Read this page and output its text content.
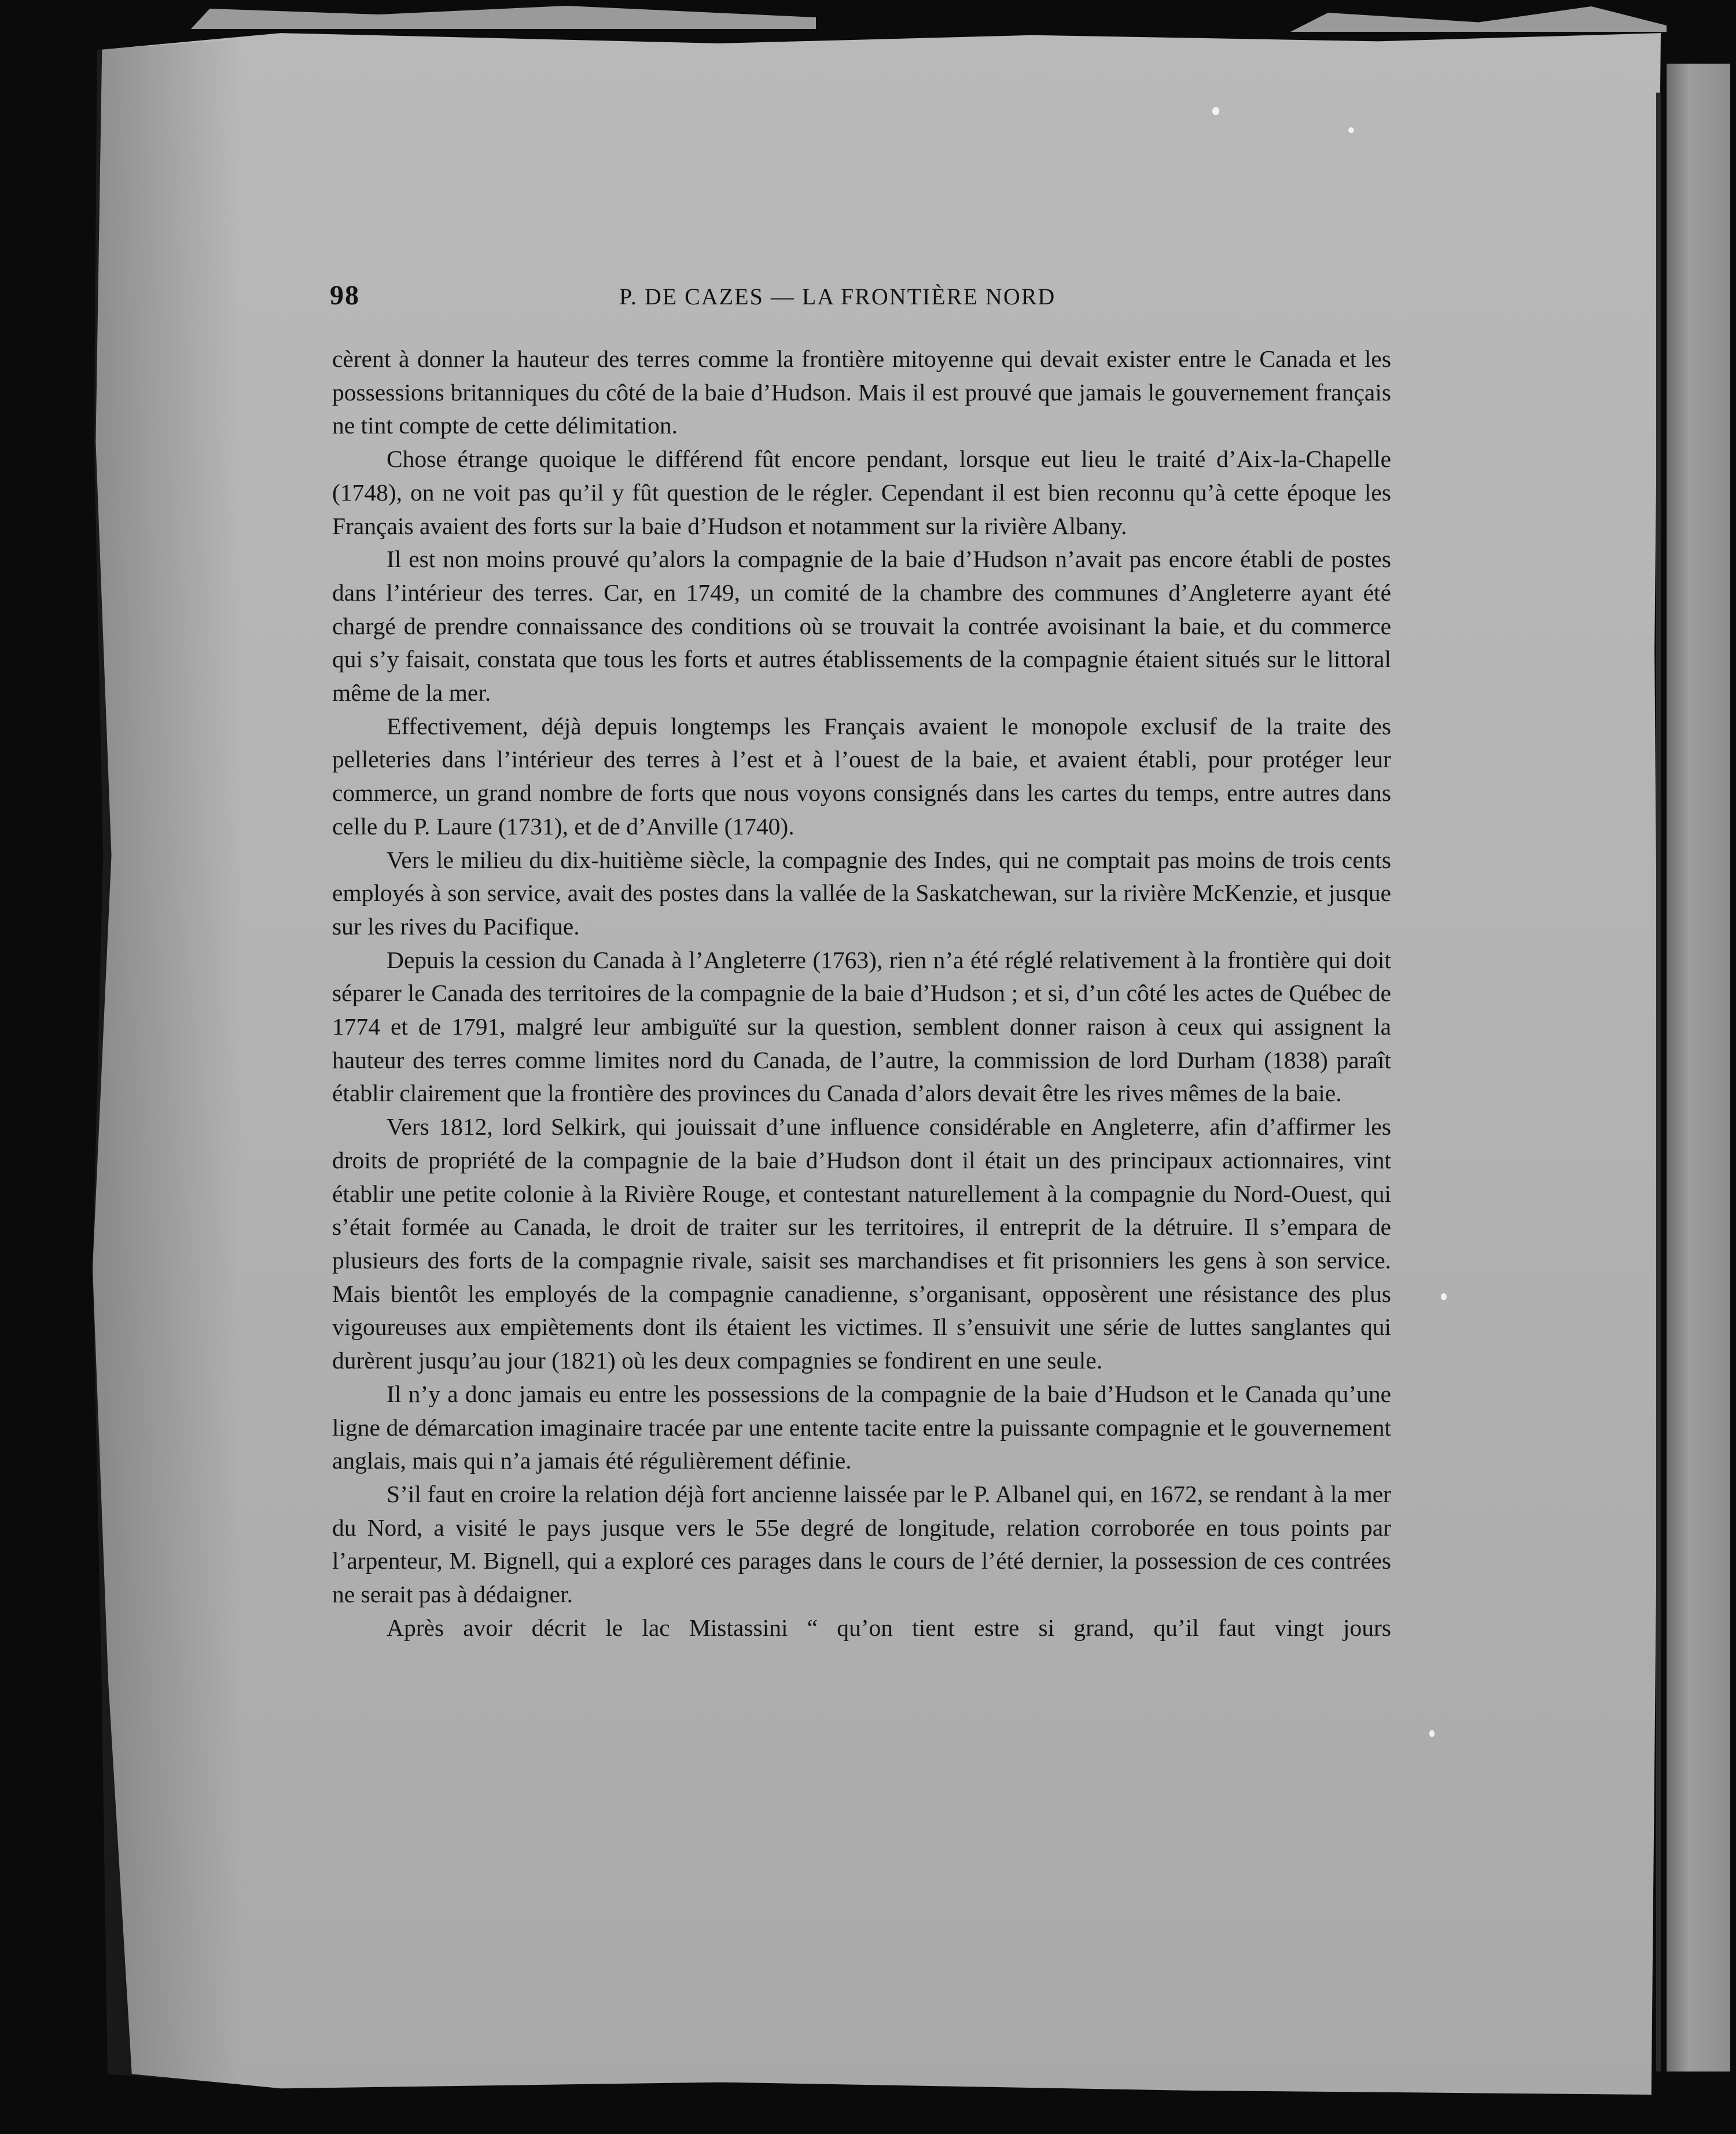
98	P. DE CAZES — LA FRONTIÈRE NORD

cèrent à donner la hauteur des terres comme la frontière mitoyenne qui devait exister entre le Canada et les possessions britanniques du côté de la baie d’Hudson. Mais il est prouvé que jamais le gouvernement français ne tint compte de cette délimitation.

Chose étrange quoique le différend fût encore pendant, lorsque eut lieu le traité d’Aix-la-Chapelle (1748), on ne voit pas qu’il y fût question de le régler. Cependant il est bien reconnu qu’à cette époque les Français avaient des forts sur la baie d’Hudson et notamment sur la rivière Albany.

Il est non moins prouvé qu’alors la compagnie de la baie d’Hudson n’avait pas encore établi de postes dans l’intérieur des terres. Car, en 1749, un comité de la chambre des communes d’Angleterre ayant été chargé de prendre connaissance des conditions où se trouvait la contrée avoisinant la baie, et du commerce qui s’y faisait, constata que tous les forts et autres établissements de la compagnie étaient situés sur le littoral même de la mer.

Effectivement, déjà depuis longtemps les Français avaient le monopole exclusif de la traite des pelleteries dans l’intérieur des terres à l’est et à l’ouest de la baie, et avaient établi, pour protéger leur commerce, un grand nombre de forts que nous voyons consignés dans les cartes du temps, entre autres dans celle du P. Laure (1731), et de d’Anville (1740).

Vers le milieu du dix-huitième siècle, la compagnie des Indes, qui ne comptait pas moins de trois cents employés à son service, avait des postes dans la vallée de la Saskatchewan, sur la rivière McKenzie, et jusque sur les rives du Pacifique.

Depuis la cession du Canada à l’Angleterre (1763), rien n’a été réglé relativement à la frontière qui doit séparer le Canada des territoires de la compagnie de la baie d’Hudson ; et si, d’un côté les actes de Québec de 1774 et de 1791, malgré leur ambiguïté sur la question, semblent donner raison à ceux qui assignent la hauteur des terres comme limites nord du Canada, de l’autre, la commission de lord Durham (1838) paraît établir clairement que la frontière des provinces du Canada d’alors devait être les rives mêmes de la baie.

Vers 1812, lord Selkirk, qui jouissait d’une influence considérable en Angleterre, afin d’affirmer les droits de propriété de la compagnie de la baie d’Hudson dont il était un des principaux actionnaires, vint établir une petite colonie à la Rivière Rouge, et contestant naturellement à la compagnie du Nord-Ouest, qui s’était formée au Canada, le droit de traiter sur les territoires, il entreprit de la détruire. Il s’empara de plusieurs des forts de la compagnie rivale, saisit ses marchandises et fit prisonniers les gens à son service. Mais bientôt les employés de la compagnie canadienne, s’organisant, opposèrent une résistance des plus vigoureuses aux empiètements dont ils étaient les victimes. Il s’ensuivit une série de luttes sanglantes qui durèrent jusqu’au jour (1821) où les deux compagnies se fondirent en une seule.

Il n’y a donc jamais eu entre les possessions de la compagnie de la baie d’Hudson et le Canada qu’une ligne de démarcation imaginaire tracée par une entente tacite entre la puissante compagnie et le gouvernement anglais, mais qui n’a jamais été régulièrement définie.

S’il faut en croire la relation déjà fort ancienne laissée par le P. Albanel qui, en 1672, se rendant à la mer du Nord, a visité le pays jusque vers le 55e degré de longitude, relation corroborée en tous points par l’arpenteur, M. Bignell, qui a exploré ces parages dans le cours de l’été dernier, la possession de ces contrées ne serait pas à dédaigner.

Après avoir décrit le lac Mistassini “ qu’on tient estre si grand, qu’il faut vingt jours
